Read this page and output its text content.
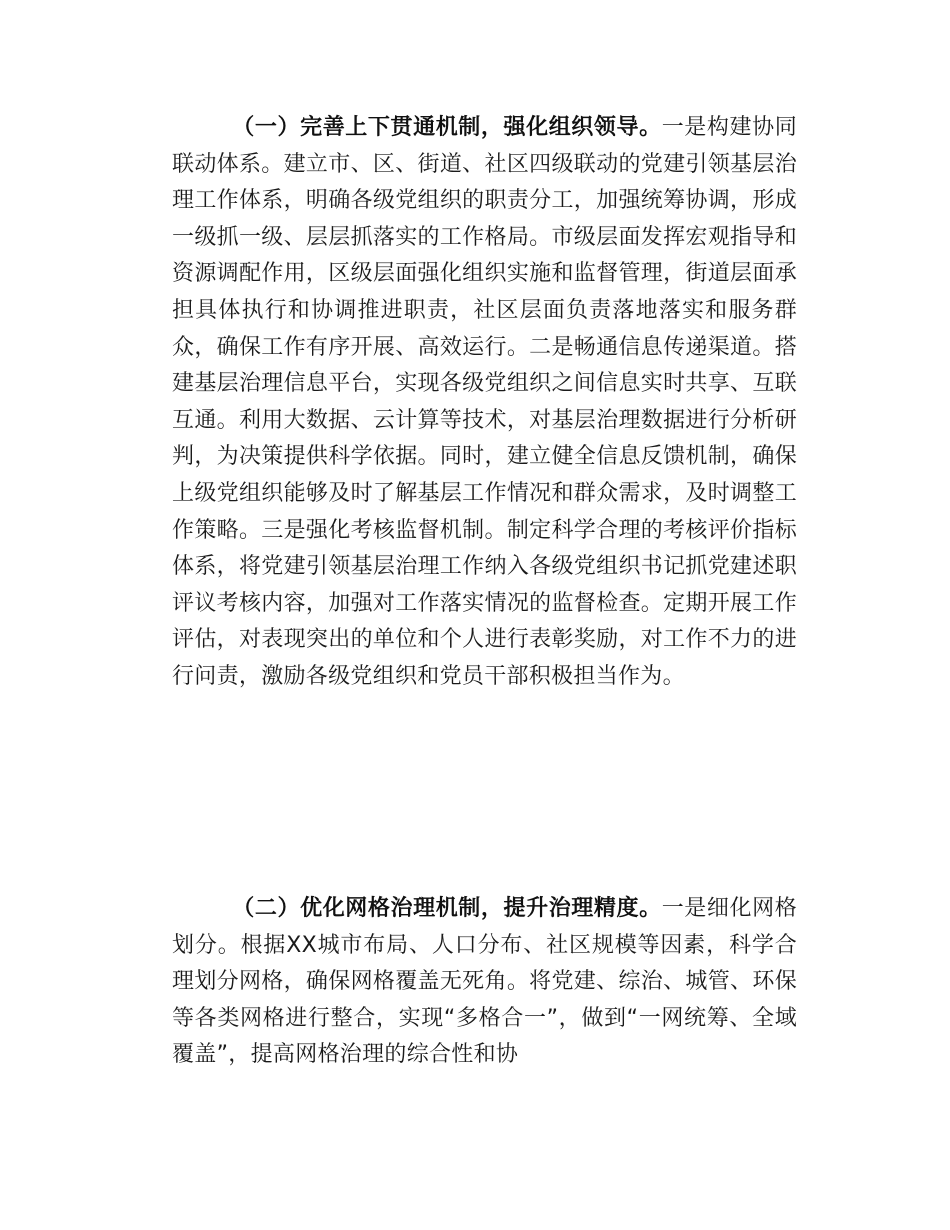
（一）完善上下贯通机制，强化组织领导。一是构建协同联动体系。建立市、区、街道、社区四级联动的党建引领基层治理工作体系，明确各级党组织的职责分工，加强统筹协调，形成一级抓一级、层层抓落实的工作格局。市级层面发挥宏观指导和资源调配作用，区级层面强化组织实施和监督管理，街道层面承担具体执行和协调推进职责，社区层面负责落地落实和服务群众，确保工作有序开展、高效运行。二是畅通信息传递渠道。搭建基层治理信息平台，实现各级党组织之间信息实时共享、互联互通。利用大数据、云计算等技术，对基层治理数据进行分析研判，为决策提供科学依据。同时，建立健全信息反馈机制，确保上级党组织能够及时了解基层工作情况和群众需求，及时调整工作策略。三是强化考核监督机制。制定科学合理的考核评价指标体系，将党建引领基层治理工作纳入各级党组织书记抓党建述职评议考核内容，加强对工作落实情况的监督检查。定期开展工作评估，对表现突出的单位和个人进行表彰奖励，对工作不力的进行问责，激励各级党组织和党员干部积极担当作为。

（二）优化网格治理机制，提升治理精度。一是细化网格划分。根据XX城市布局、人口分布、社区规模等因素，科学合理划分网格，确保网格覆盖无死角。将党建、综治、城管、环保等各类网格进行整合，实现“多格合一”，做到“一网统筹、全域覆盖”，提高网格治理的综合性和协
